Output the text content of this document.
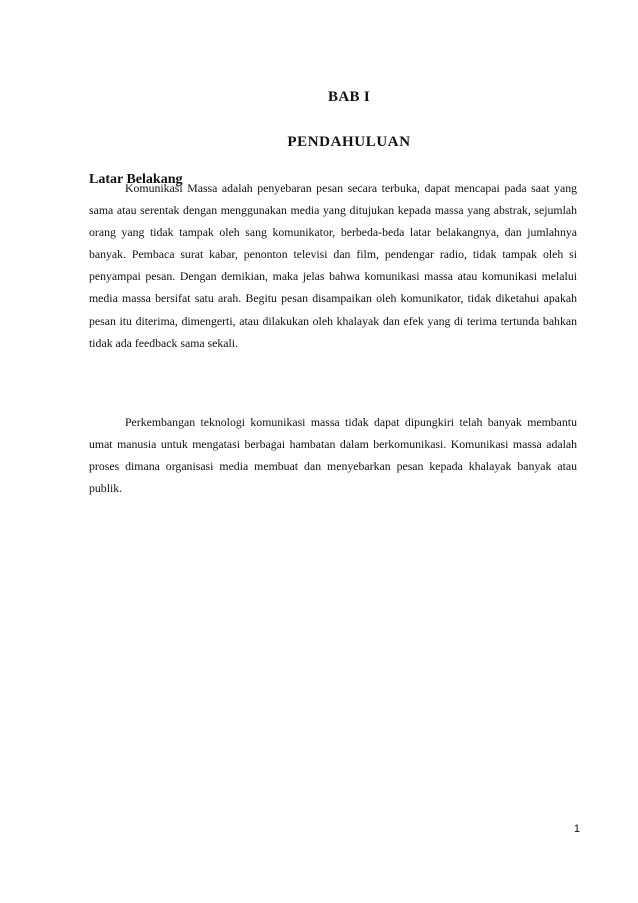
BAB I
PENDAHULUAN
Latar Belakang

Komunikasi Massa adalah penyebaran pesan secara terbuka, dapat mencapai pada saat yang sama atau serentak dengan menggunakan media yang ditujukan kepada massa yang abstrak, sejumlah orang yang tidak tampak oleh sang komunikator, berbeda-beda latar belakangnya, dan jumlahnya banyak. Pembaca surat kabar, penonton televisi dan film, pendengar radio, tidak tampak oleh si penyampai pesan. Dengan demikian, maka jelas bahwa komunikasi massa atau komunikasi melalui media massa bersifat satu arah. Begitu pesan disampaikan oleh komunikator, tidak diketahui apakah pesan itu diterima, dimengerti, atau dilakukan oleh khalayak dan efek yang di terima tertunda bahkan tidak ada feedback sama sekali.

Perkembangan teknologi komunikasi massa tidak dapat dipungkiri telah banyak membantu umat manusia untuk mengatasi berbagai hambatan dalam berkomunikasi. Komunikasi massa adalah proses dimana organisasi media membuat dan menyebarkan pesan kepada khalayak banyak atau publik.

1
